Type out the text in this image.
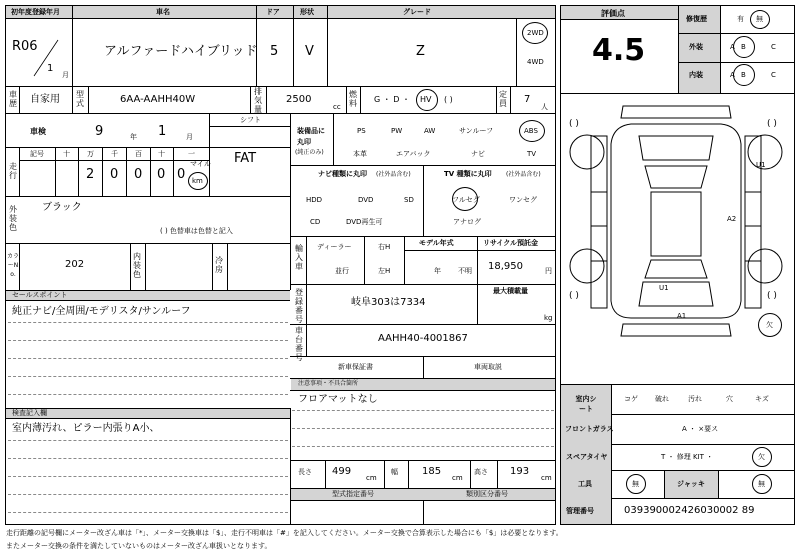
初年度登録年月	車名	ドア	形状	グレード
R06
1
月
アルファードハイブリッド 5 V	Z
2WD
4WD
車歴 自家用 型式	6AA-AAHH40W
排気量
2500
cc
燃料 G ・ D ・ HV ( )
定員 7
人
車検	9	年 1	月
シフト
FAT
走行
記号	十 万 千 百 十	一
2 0 0 0 0
マイル
km
外装色
ブラック
( ) 色替車は色替と記入
カラーNo.
202
内装色
冷房
セールスポイント
純正ナビ/全周囲/モデリスタ/サンルーフ
検査記入欄
室内薄汚れ、ピラー内張りA小、
装備品に
丸印
(純正のみ)
PS	PW	AW	サンルーフ	ABS
本革	エアバック	ナビ	TV
ナビ種類に丸印 (社外品含む)
HDD	DVD	SD
CD	DVD再生可
TV 種類に丸印 (社外品含む)
フルセグ	ワンセグ
アナログ
輸入車
ディーラー
並行
右H
左H
モデル年式
年 不明
リサイクル預託金
18,950	円
登録番号
岐阜303は7334
最大積載量
kg
車台番号
AAHH40-4001867
新車保証書	車両取説
注意事項・不具合箇所
フロアマットなし
長さ 499
cm
幅 185
cm
高さ 193
cm
型式指定番号	類別区分番号
評価点
4.5
修復歴	有 無
外装	A B	C
内装	A B	C
( )	( )
( )	( )
U1
A2
U1
A1
欠
室内シート
コゲ 破れ	汚れ	穴	キズ
フロントガラス	A ・ ×要ス
スペアタイヤ	T ・ 修理 KIT ・	欠
工具	無	ジャッキ	無
管理番号	039390002426030002 89
走行距離の記号欄にメーター改ざん車は「*」、メーター交換車は「$」、走行不明車は「#」を記入してください。メーター交換で合算表示した場合にも「$」は必要となります。
またメーター交換の条件を満たしていないものはメーター改ざん車扱いとなります。
